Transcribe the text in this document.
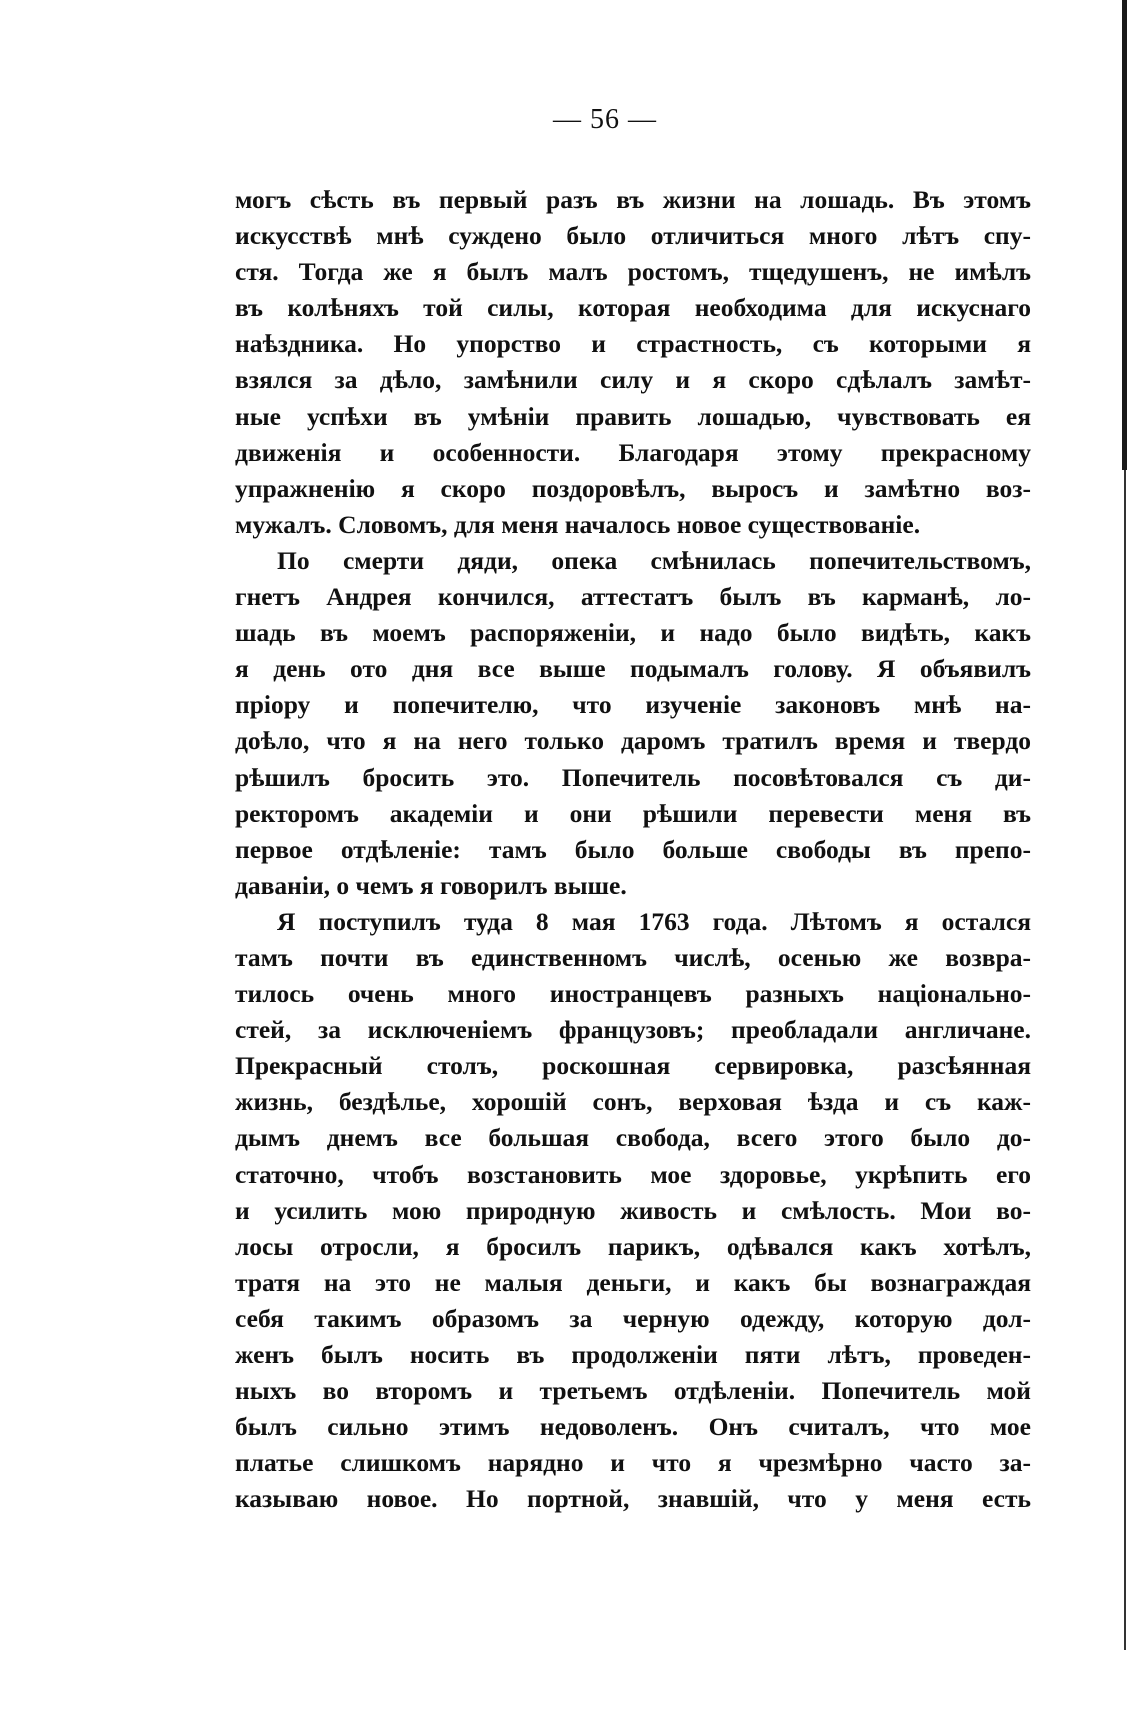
— 56 —
могъ сѣсть въ первый разъ въ жизни на лошадь. Въ этомъ
искусствѣ мнѣ суждено было отличиться много лѣтъ спу-
стя. Тогда же я былъ малъ ростомъ, тщедушенъ, не имѣлъ
въ колѣняхъ той силы, которая необходима для искуснаго
наѣздника. Но упорство и страстность, съ которыми я
взялся за дѣло, замѣнили силу и я скоро сдѣлалъ замѣт-
ные успѣхи въ умѣніи править лошадью, чувствовать ея
движенія и особенности. Благодаря этому прекрасному
упражненію я скоро поздоровѣлъ, выросъ и замѣтно воз-
мужалъ. Словомъ, для меня началось новое существованіе.
По смерти дяди, опека смѣнилась попечительствомъ,
гнетъ Андрея кончился, аттестатъ былъ въ карманѣ, ло-
шадь въ моемъ распоряженіи, и надо было видѣть, какъ
я день ото дня все выше подымалъ голову. Я объявилъ
пріору и попечителю, что изученіе законовъ мнѣ на-
доѣло, что я на него только даромъ тратилъ время и твердо
рѣшилъ бросить это. Попечитель посовѣтовался съ ди-
ректоромъ академіи и они рѣшили перевести меня въ
первое отдѣленіе: тамъ было больше свободы въ препо-
даваніи, о чемъ я говорилъ выше.
Я поступилъ туда 8 мая 1763 года. Лѣтомъ я остался
тамъ почти въ единственномъ числѣ, осенью же возвра-
тилось очень много иностранцевъ разныхъ національно-
стей, за исключеніемъ французовъ; преобладали англичане.
Прекрасный столъ, роскошная сервировка, разсѣянная
жизнь, бездѣлье, хорошій сонъ, верховая ѣзда и съ каж-
дымъ днемъ все большая свобода, всего этого было до-
статочно, чтобъ возстановить мое здоровье, укрѣпить его
и усилить мою природную живость и смѣлость. Мои во-
лосы отросли, я бросилъ парикъ, одѣвался какъ хотѣлъ,
тратя на это не малыя деньги, и какъ бы вознаграждая
себя такимъ образомъ за черную одежду, которую дол-
женъ былъ носить въ продолженіи пяти лѣтъ, проведен-
ныхъ во второмъ и третьемъ отдѣленіи. Попечитель мой
былъ сильно этимъ недоволенъ. Онъ считалъ, что мое
платье слишкомъ нарядно и что я чрезмѣрно часто за-
казываю новое. Но портной, знавшій, что у меня есть
